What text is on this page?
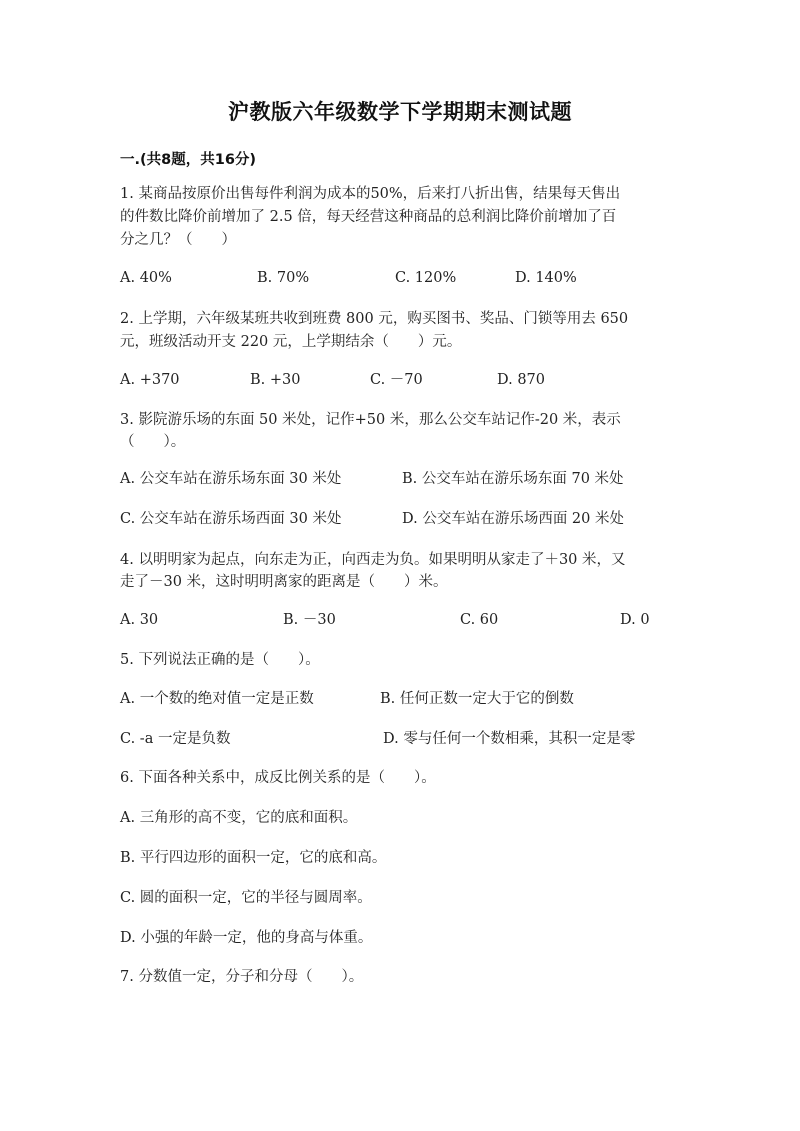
沪教版六年级数学下学期期末测试题
一.(共8题，共16分)
1. 某商品按原价出售每件利润为成本的50%，后来打八折出售，结果每天售出
的件数比降价前增加了 2.5 倍，每天经营这种商品的总利润比降价前增加了百
分之几？（　　）
A. 40%	B. 70%	C. 120%	D. 140%
2. 上学期，六年级某班共收到班费 800 元，购买图书、奖品、门锁等用去 650
元，班级活动开支 220 元，上学期结余（　　）元。
A. +370	B. +30	C. －70	D. 870
3. 影院游乐场的东面 50 米处，记作+50 米，那么公交车站记作-20 米，表示
（　　）。
A. 公交车站在游乐场东面 30 米处	B. 公交车站在游乐场东面 70 米处
C. 公交车站在游乐场西面 30 米处	D. 公交车站在游乐场西面 20 米处
4. 以明明家为起点，向东走为正，向西走为负。如果明明从家走了＋30 米，又
走了－30 米，这时明明离家的距离是（　　）米。
A. 30	B. －30	C. 60	D. 0
5. 下列说法正确的是（　　）。
A. 一个数的绝对值一定是正数	B. 任何正数一定大于它的倒数
C. -a 一定是负数	D. 零与任何一个数相乘，其积一定是零
6. 下面各种关系中，成反比例关系的是（　　）。
A. 三角形的高不变，它的底和面积。
B. 平行四边形的面积一定，它的底和高。
C. 圆的面积一定，它的半径与圆周率。
D. 小强的年龄一定，他的身高与体重。
7. 分数值一定，分子和分母（　　）。
